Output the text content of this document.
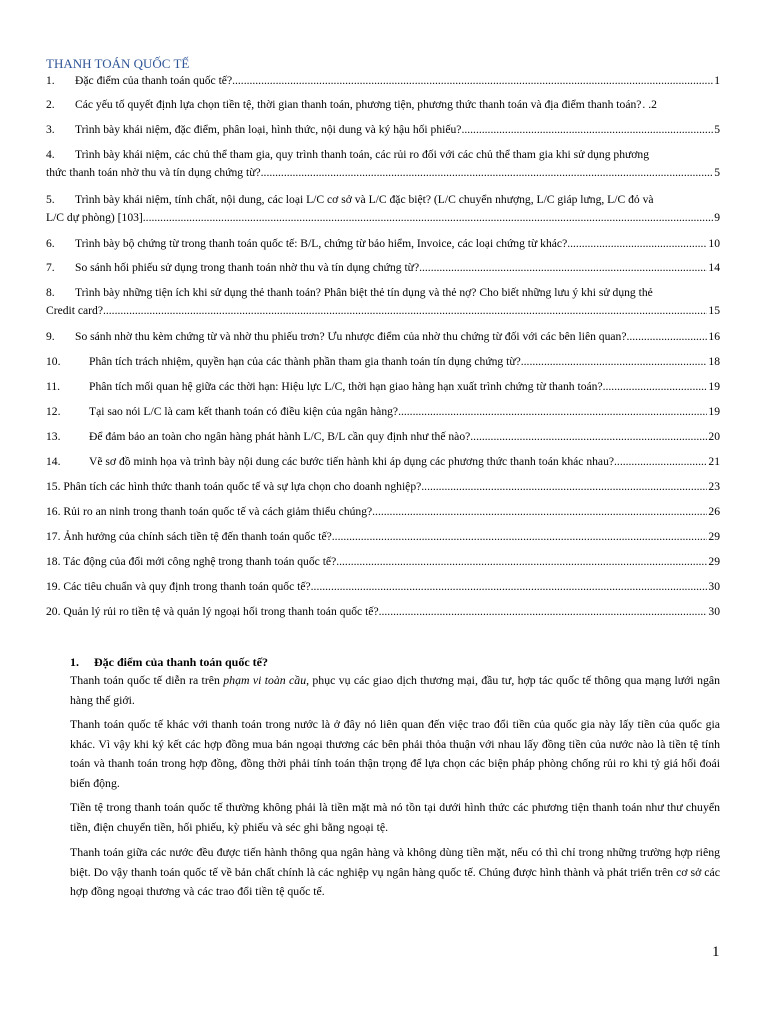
THANH TOÁN QUỐC TẾ
1.	Đặc điểm của thanh toán quốc tế? .....	1
2.	Các yếu tố quyết định lựa chọn tiền tệ, thời gian thanh toán, phương tiện, phương thức thanh toán và địa điểm thanh toán? . .2
3.	Trình bày khái niệm, đặc điểm, phân loại, hình thức, nội dung và ký hậu hối phiếu? .....	5
4.	Trình bày khái niệm, các chủ thể tham gia, quy trình thanh toán, các rủi ro đối với các chủ thể tham gia khi sử dụng phương
thức thanh toán nhờ thu và tín dụng chứng từ? .....	5
5.	Trình bày khái niệm, tính chất, nội dung, các loại L/C cơ sở và L/C đặc biệt? (L/C chuyển nhượng, L/C giáp lưng, L/C đỏ và
L/C dự phòng) [103] .....	9
6.	Trình bày bộ chứng từ trong thanh toán quốc tế: B/L, chứng từ bảo hiểm, Invoice, các loại chứng từ khác? .....	10
7.	So sánh hối phiếu sử dụng trong thanh toán nhờ thu và tín dụng chứng từ? .....	14
8.	Trình bày những tiện ích khi sử dụng thẻ thanh toán? Phân biệt thẻ tín dụng và thẻ nợ? Cho biết những lưu ý khi sử dụng thẻ
Credit card? .....	15
9.	So sánh nhờ thu kèm chứng từ và nhờ thu phiếu trơn? Ưu nhược điểm của nhờ thu chứng từ đối với các bên liên quan? .....	16
10.	Phân tích trách nhiệm, quyền hạn của các thành phần tham gia thanh toán tín dụng chứng từ? .....	18
11.	Phân tích mối quan hệ giữa các thời hạn: Hiệu lực L/C, thời hạn giao hàng hạn xuất trình chứng từ thanh toán? .....	19
12.	Tại sao nói L/C là cam kết thanh toán có điều kiện của ngân hàng? .....	19
13.	Để đảm bảo an toàn cho ngân hàng phát hành L/C, B/L cần quy định như thế nào? .....	20
14.	Vẽ sơ đồ minh họa và trình bày nội dung các bước tiến hành khi áp dụng các phương thức thanh toán khác nhau? .....	21
15. Phân tích các hình thức thanh toán quốc tế và sự lựa chọn cho doanh nghiệp? .....	23
16. Rủi ro an ninh trong thanh toán quốc tế và cách giảm thiểu chúng? .....	26
17. Ảnh hưởng của chính sách tiền tệ đến thanh toán quốc tế? .....	29
18. Tác động của đổi mới công nghệ trong thanh toán quốc tế? .....	29
19. Các tiêu chuẩn và quy định trong thanh toán quốc tế? .....	30
20. Quản lý rủi ro tiền tệ và quản lý ngoại hối trong thanh toán quốc tế? .....	30
1. Đặc điểm của thanh toán quốc tế?
Thanh toán quốc tế diễn ra trên phạm vi toàn cầu, phục vụ các giao dịch thương mại, đầu tư, hợp tác quốc tế thông qua mạng lưới ngân hàng thế giới.
Thanh toán quốc tế khác với thanh toán trong nước là ở đây nó liên quan đến việc trao đổi tiền của quốc gia này lấy tiền của quốc gia khác. Vì vậy khi ký kết các hợp đồng mua bán ngoại thương các bên phải thỏa thuận với nhau lấy đồng tiền của nước nào là tiền tệ tính toán và thanh toán trong hợp đồng, đồng thời phải tính toán thận trọng để lựa chọn các biện pháp phòng chống rủi ro khi tỷ giá hối đoái biến động.
Tiền tệ trong thanh toán quốc tế thường không phải là tiền mặt mà nó tồn tại dưới hình thức các phương tiện thanh toán như thư chuyển tiền, điện chuyển tiền, hối phiếu, kỳ phiếu và séc ghi bằng ngoại tệ.
Thanh toán giữa các nước đều được tiến hành thông qua ngân hàng và không dùng tiền mặt, nếu có thì chỉ trong những trường hợp riêng biệt. Do vậy thanh toán quốc tế về bản chất chính là các nghiệp vụ ngân hàng quốc tế. Chúng được hình thành và phát triển trên cơ sở các hợp đồng ngoại thương và các trao đổi tiền tệ quốc tế.
1
